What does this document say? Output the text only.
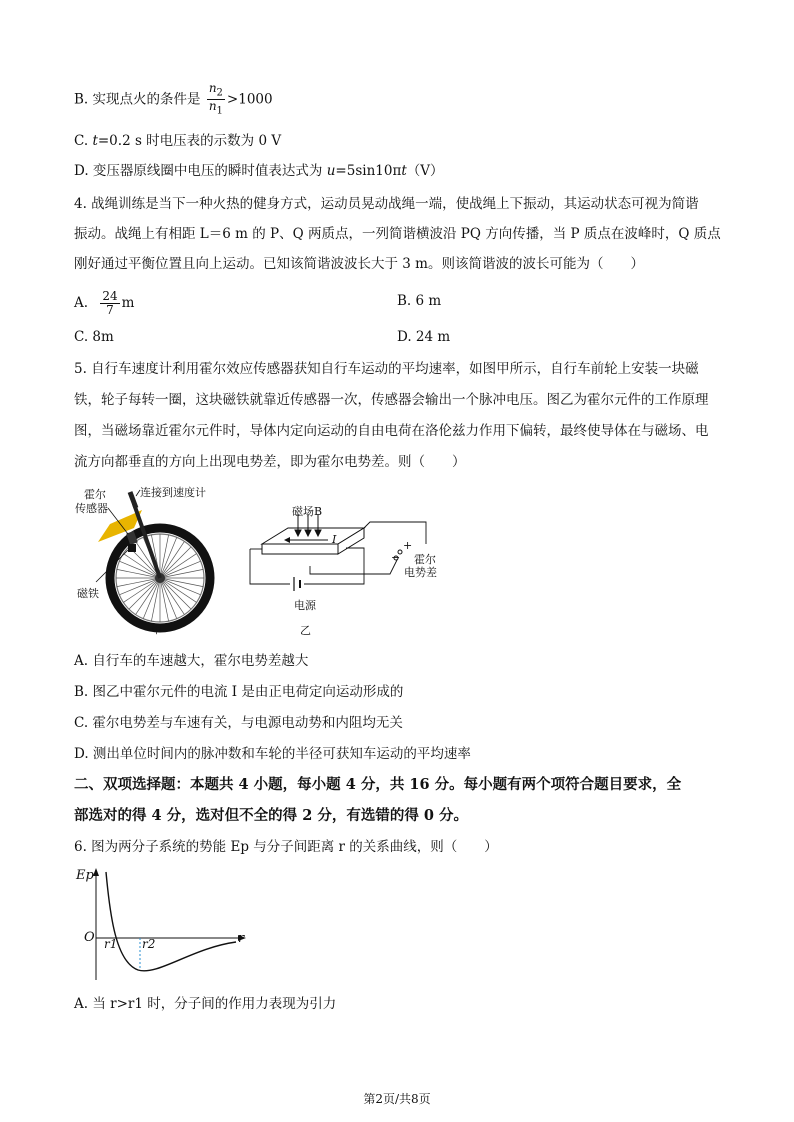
B. 实现点火的条件是 $\frac{n_2}{n_1} >1000$
C. t=0.2 s 时电压表的示数为 0 V
D. 变压器原线圈中电压的瞬时值表达式为 u=5sin10πt（V）
4. 战绳训练是当下一种火热的健身方式，运动员晃动战绳一端，使战绳上下振动，其运动状态可视为简谐
振动。战绳上有相距 L＝6 m 的 P、Q 两质点，一列简谐横波沿 PQ 方向传播，当 P 质点在波峰时，Q 质点
刚好通过平衡位置且向上运动。已知该简谐波波长大于 3 m。则该简谐波的波长可能为（　　）
A. $\frac{24}{7}$ m	B. 6 m
C. 8m	D. 24 m
5. 自行车速度计利用霍尔效应传感器获知自行车运动的平均速率，如图甲所示，自行车前轮上安装一块磁
铁，轮子每转一圈，这块磁铁就靠近传感器一次，传感器会输出一个脉冲电压。图乙为霍尔元件的工作原理
图，当磁场靠近霍尔元件时，导体内定向运动的自由电荷在洛伦兹力作用下偏转，最终使导体在与磁场、电
流方向都垂直的方向上出现电势差，即为霍尔电势差。则（　　）
霍尔
传感器
连接到速度计
磁铁
甲
磁场B
I	+
− 霍尔
电势差
电源
乙
A. 自行车的车速越大，霍尔电势差越大
B. 图乙中霍尔元件的电流 I 是由正电荷定向运动形成的
C. 霍尔电势差与车速有关，与电源电动势和内阻均无关
D. 测出单位时间内的脉冲数和车轮的半径可获知车运动的平均速率
二、双项选择题：本题共 4 小题，每小题 4 分，共 16 分。每小题有两个项符合题目要求，全
部选对的得 4 分，选对但不全的得 2 分，有选错的得 0 分。
6. 图为两分子系统的势能 Ep 与分子间距离 r 的关系曲线，则（　　）
Ep
O	r
r1 r2
A. 当 r>r1 时，分子间的作用力表现为引力
第2页/共8页
